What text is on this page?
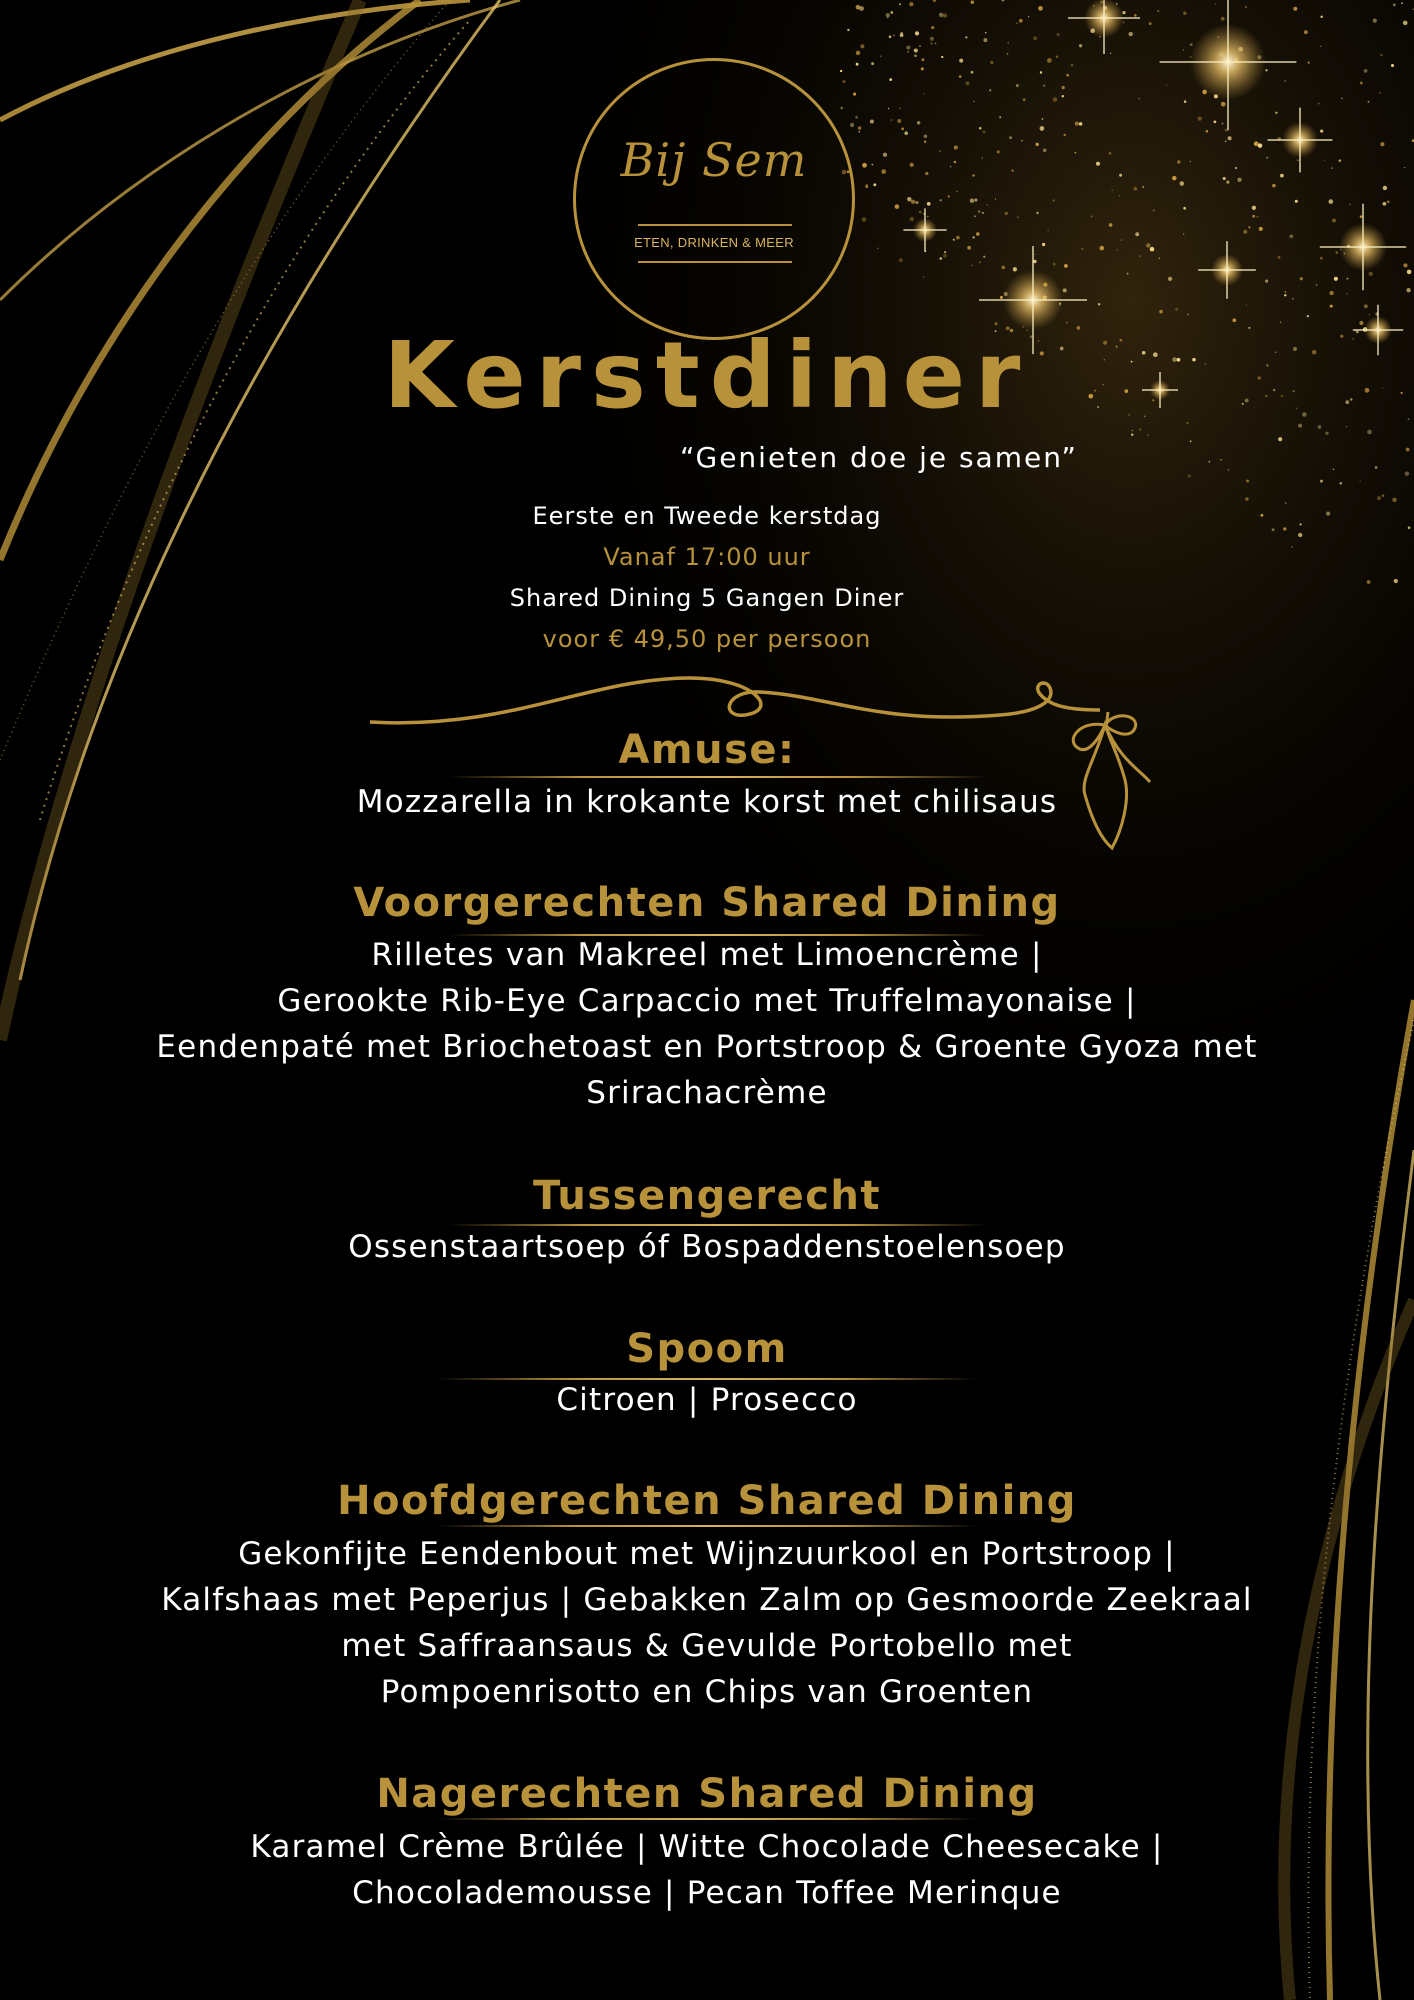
Bij Sem
ETEN, DRINKEN & MEER
Kerstdiner
“Genieten doe je samen”
Eerste en Tweede kerstdag
Vanaf 17:00 uur
Shared Dining 5 Gangen Diner
voor € 49,50 per persoon
Amuse:
Mozzarella in krokante korst met chilisaus
Voorgerechten Shared Dining
Rilletes van Makreel met Limoencrème |
Gerookte Rib-Eye Carpaccio met Truffelmayonaise |
Eendenpaté met Briochetoast en Portstroop & Groente Gyoza met
Srirachacrème
Tussengerecht
Ossenstaartsoep óf Bospaddenstoelensoep
Spoom
Citroen | Prosecco
Hoofdgerechten Shared Dining
Gekonfijte Eendenbout met Wijnzuurkool en Portstroop |
Kalfshaas met Peperjus | Gebakken Zalm op Gesmoorde Zeekraal
met Saffraansaus & Gevulde Portobello met
Pompoenrisotto en Chips van Groenten
Nagerechten Shared Dining
Karamel Crème Brûlée | Witte Chocolade Cheesecake |
Chocolademousse | Pecan Toffee Merinque
